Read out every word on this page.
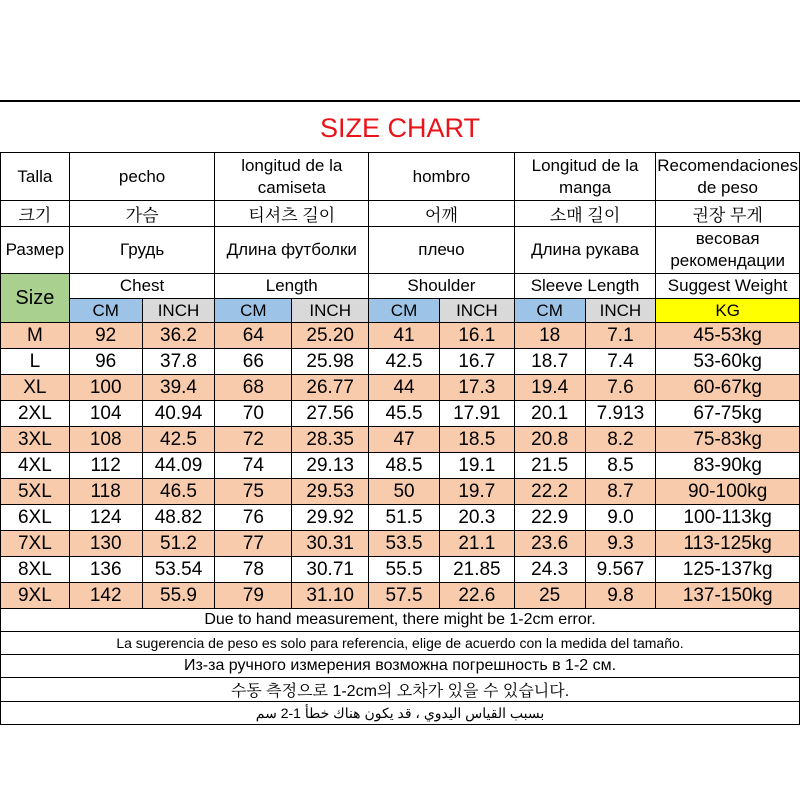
SIZE CHART
Talla	pecho		longitud de la camiseta		hombro		Longitud de la manga		Recomendaciones de peso
크기	가슴		티셔츠 길이		어깨		소매 길이		권장 무게
Размер	Грудь		Длина футболки		плечо		Длина рукава		весовая рекомендации
Size	Chest		Length		Shoulder		Sleeve Length		Suggest Weight
	CM	INCH	CM	INCH	CM	INCH	CM	INCH	KG
M	92	36.2	64	25.20	41	16.1	18	7.1	45-53kg
L	96	37.8	66	25.98	42.5	16.7	18.7	7.4	53-60kg
XL	100	39.4	68	26.77	44	17.3	19.4	7.6	60-67kg
2XL	104	40.94	70	27.56	45.5	17.91	20.1	7.913	67-75kg
3XL	108	42.5	72	28.35	47	18.5	20.8	8.2	75-83kg
4XL	112	44.09	74	29.13	48.5	19.1	21.5	8.5	83-90kg
5XL	118	46.5	75	29.53	50	19.7	22.2	8.7	90-100kg
6XL	124	48.82	76	29.92	51.5	20.3	22.9	9.0	100-113kg
7XL	130	51.2	77	30.31	53.5	21.1	23.6	9.3	113-125kg
8XL	136	53.54	78	30.71	55.5	21.85	24.3	9.567	125-137kg
9XL	142	55.9	79	31.10	57.5	22.6	25	9.8	137-150kg
Due to hand measurement, there might be 1-2cm error.									
La sugerencia de peso es solo para referencia, elige de acuerdo con la medida del tamaño.									
Из-за ручного измерения возможна погрешность в 1-2 см.									
수동 측정으로 1-2cm의 오차가 있을 수 있습니다.									
بسبب القياس اليدوي ، قد يكون هناك خطأ 1-2 سم									
